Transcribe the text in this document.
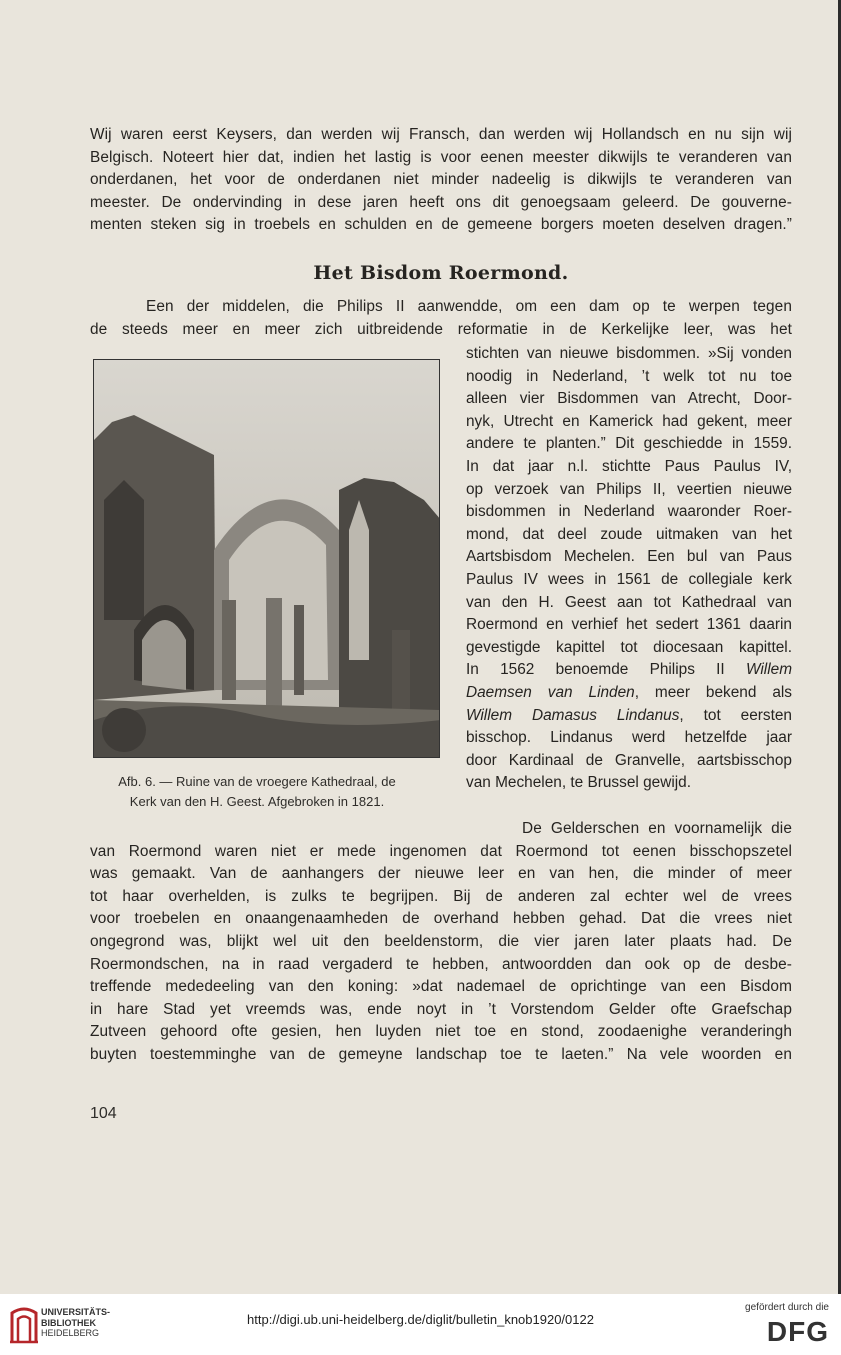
Wij waren eerst Keysers, dan werden wij Fransch, dan werden wij Hollandsch en nu sijn wij
Belgisch. Noteert hier dat, indien het lastig is voor eenen meester dikwijls te veranderen van
onderdanen, het voor de onderdanen niet minder nadeelig is dikwijls te veranderen van
meester. De ondervinding in dese jaren heeft ons dit genoegsaam geleerd. De gouverne-
menten steken sig in troebels en schulden en de gemeene borgers moeten deselven dragen.”
Het Bisdom Roermond.
Een der middelen, die Philips II aanwendde, om een dam op te werpen tegen
de steeds meer en meer zich uitbreidende reformatie in de Kerkelijke leer, was het
Afb. 6. — Ruine van de vroegere Kathedraal, de
Kerk van den H. Geest. Afgebroken in 1821.
stichten van nieuwe bisdommen. »Sij vonden
noodig in Nederland, ’t welk tot nu toe
alleen vier Bisdommen van Atrecht, Door-
nyk, Utrecht en Kamerick had gekent, meer
andere te planten.” Dit geschiedde in 1559.
In dat jaar n.l. stichtte Paus Paulus IV,
op verzoek van Philips II, veertien nieuwe
bisdommen in Nederland waaronder Roer-
mond, dat deel zoude uitmaken van het
Aartsbisdom Mechelen. Een bul van Paus
Paulus IV wees in 1561 de collegiale kerk
van den H. Geest aan tot Kathedraal van
Roermond en verhief het sedert 1361 daarin
gevestigde kapittel tot diocesaan kapittel.
In 1562 benoemde Philips II Willem
Daemsen van Linden, meer bekend als
Willem Damasus Lindanus, tot eersten
bisschop. Lindanus werd hetzelfde jaar
door Kardinaal de Granvelle, aartsbisschop
van Mechelen, te Brussel gewijd.
De Gelderschen en voornamelijk die
van Roermond waren niet er mede ingenomen dat Roermond tot eenen bisschopszetel
was gemaakt. Van de aanhangers der nieuwe leer en van hen, die minder of meer
tot haar overhelden, is zulks te begrijpen. Bij de anderen zal echter wel de vrees
voor troebelen en onaangenaamheden de overhand hebben gehad. Dat die vrees niet
ongegrond was, blijkt wel uit den beeldenstorm, die vier jaren later plaats had. De
Roermondschen, na in raad vergaderd te hebben, antwoordden dan ook op de desbe-
treffende mededeeling van den koning: »dat nademael de oprichtinge van een Bisdom
in hare Stad yet vreemds was, ende noyt in ’t Vorstendom Gelder ofte Graefschap
Zutveen gehoord ofte gesien, hen luyden niet toe en stond, zoodaenighe veranderingh
buyten toestemminghe van de gemeyne landschap toe te laeten.” Na vele woorden en
104
UNIVERSITÄTS-
BIBLIOTHEK
HEIDELBERG
http://digi.ub.uni-heidelberg.de/diglit/bulletin_knob1920/0122
gefördert durch die
DFG
